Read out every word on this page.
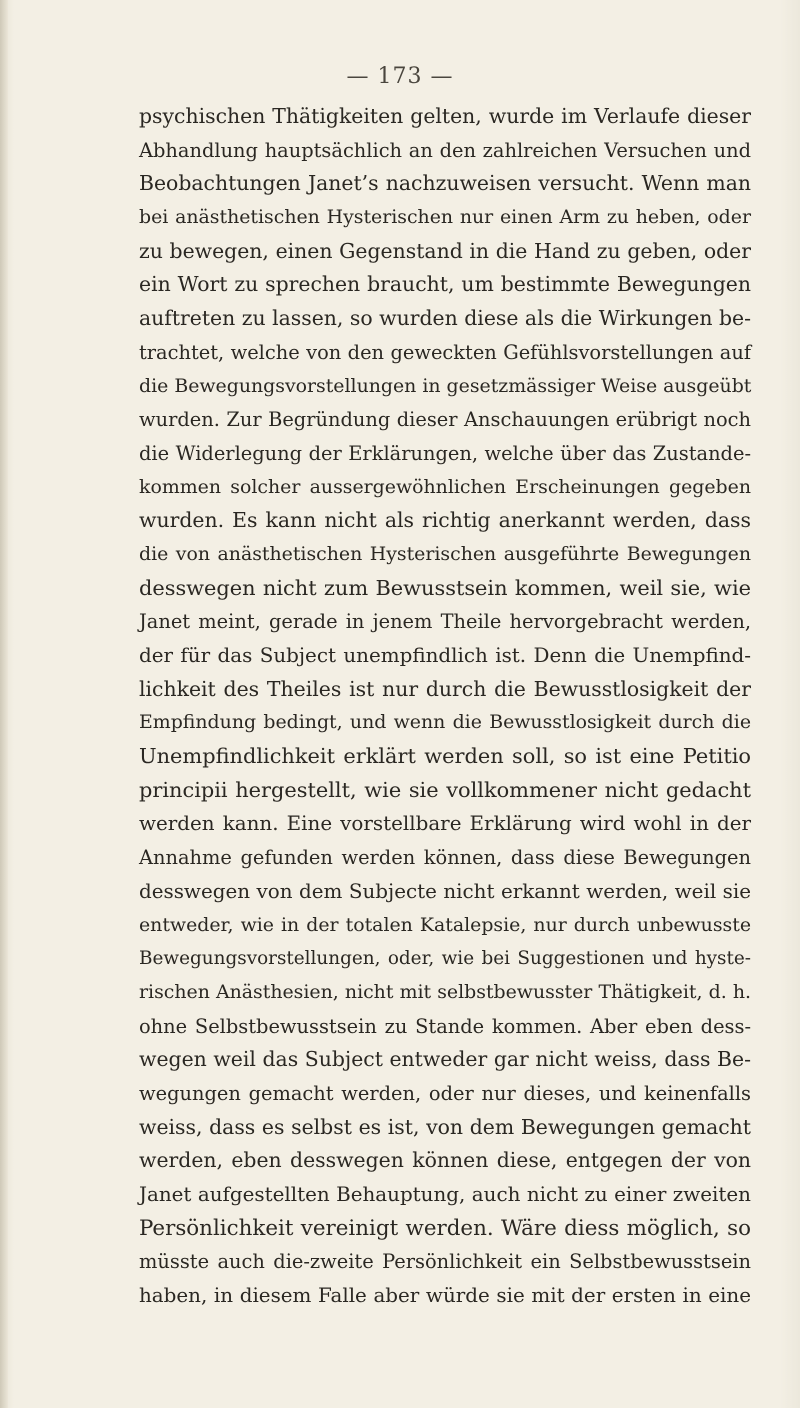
— 173 —
psychischen Thätigkeiten gelten, wurde im Verlaufe dieser
Abhandlung hauptsächlich an den zahlreichen Versuchen und
Beobachtungen Janet’s nachzuweisen versucht. Wenn man
bei anästhetischen Hysterischen nur einen Arm zu heben, oder
zu bewegen, einen Gegenstand in die Hand zu geben, oder
ein Wort zu sprechen braucht, um bestimmte Bewegungen
auftreten zu lassen, so wurden diese als die Wirkungen be-
trachtet, welche von den geweckten Gefühlsvorstellungen auf
die Bewegungsvorstellungen in gesetzmässiger Weise ausgeübt
wurden. Zur Begründung dieser Anschauungen erübrigt noch
die Widerlegung der Erklärungen, welche über das Zustande-
kommen solcher aussergewöhnlichen Erscheinungen gegeben
wurden. Es kann nicht als richtig anerkannt werden, dass
die von anästhetischen Hysterischen ausgeführte Bewegungen
desswegen nicht zum Bewusstsein kommen, weil sie, wie
Janet meint, gerade in jenem Theile hervorgebracht werden,
der für das Subject unempfindlich ist. Denn die Unempfind-
lichkeit des Theiles ist nur durch die Bewusstlosigkeit der
Empfindung bedingt, und wenn die Bewusstlosigkeit durch die
Unempfindlichkeit erklärt werden soll, so ist eine Petitio
principii hergestellt, wie sie vollkommener nicht gedacht
werden kann. Eine vorstellbare Erklärung wird wohl in der
Annahme gefunden werden können, dass diese Bewegungen
desswegen von dem Subjecte nicht erkannt werden, weil sie
entweder, wie in der totalen Katalepsie, nur durch unbewusste
Bewegungsvorstellungen, oder, wie bei Suggestionen und hyste-
rischen Anästhesien, nicht mit selbstbewusster Thätigkeit, d. h.
ohne Selbstbewusstsein zu Stande kommen. Aber eben dess-
wegen weil das Subject entweder gar nicht weiss, dass Be-
wegungen gemacht werden, oder nur dieses, und keinenfalls
weiss, dass es selbst es ist, von dem Bewegungen gemacht
werden, eben desswegen können diese, entgegen der von
Janet aufgestellten Behauptung, auch nicht zu einer zweiten
Persönlichkeit vereinigt werden. Wäre diess möglich, so
müsste auch die-zweite Persönlichkeit ein Selbstbewusstsein
haben, in diesem Falle aber würde sie mit der ersten in eine
